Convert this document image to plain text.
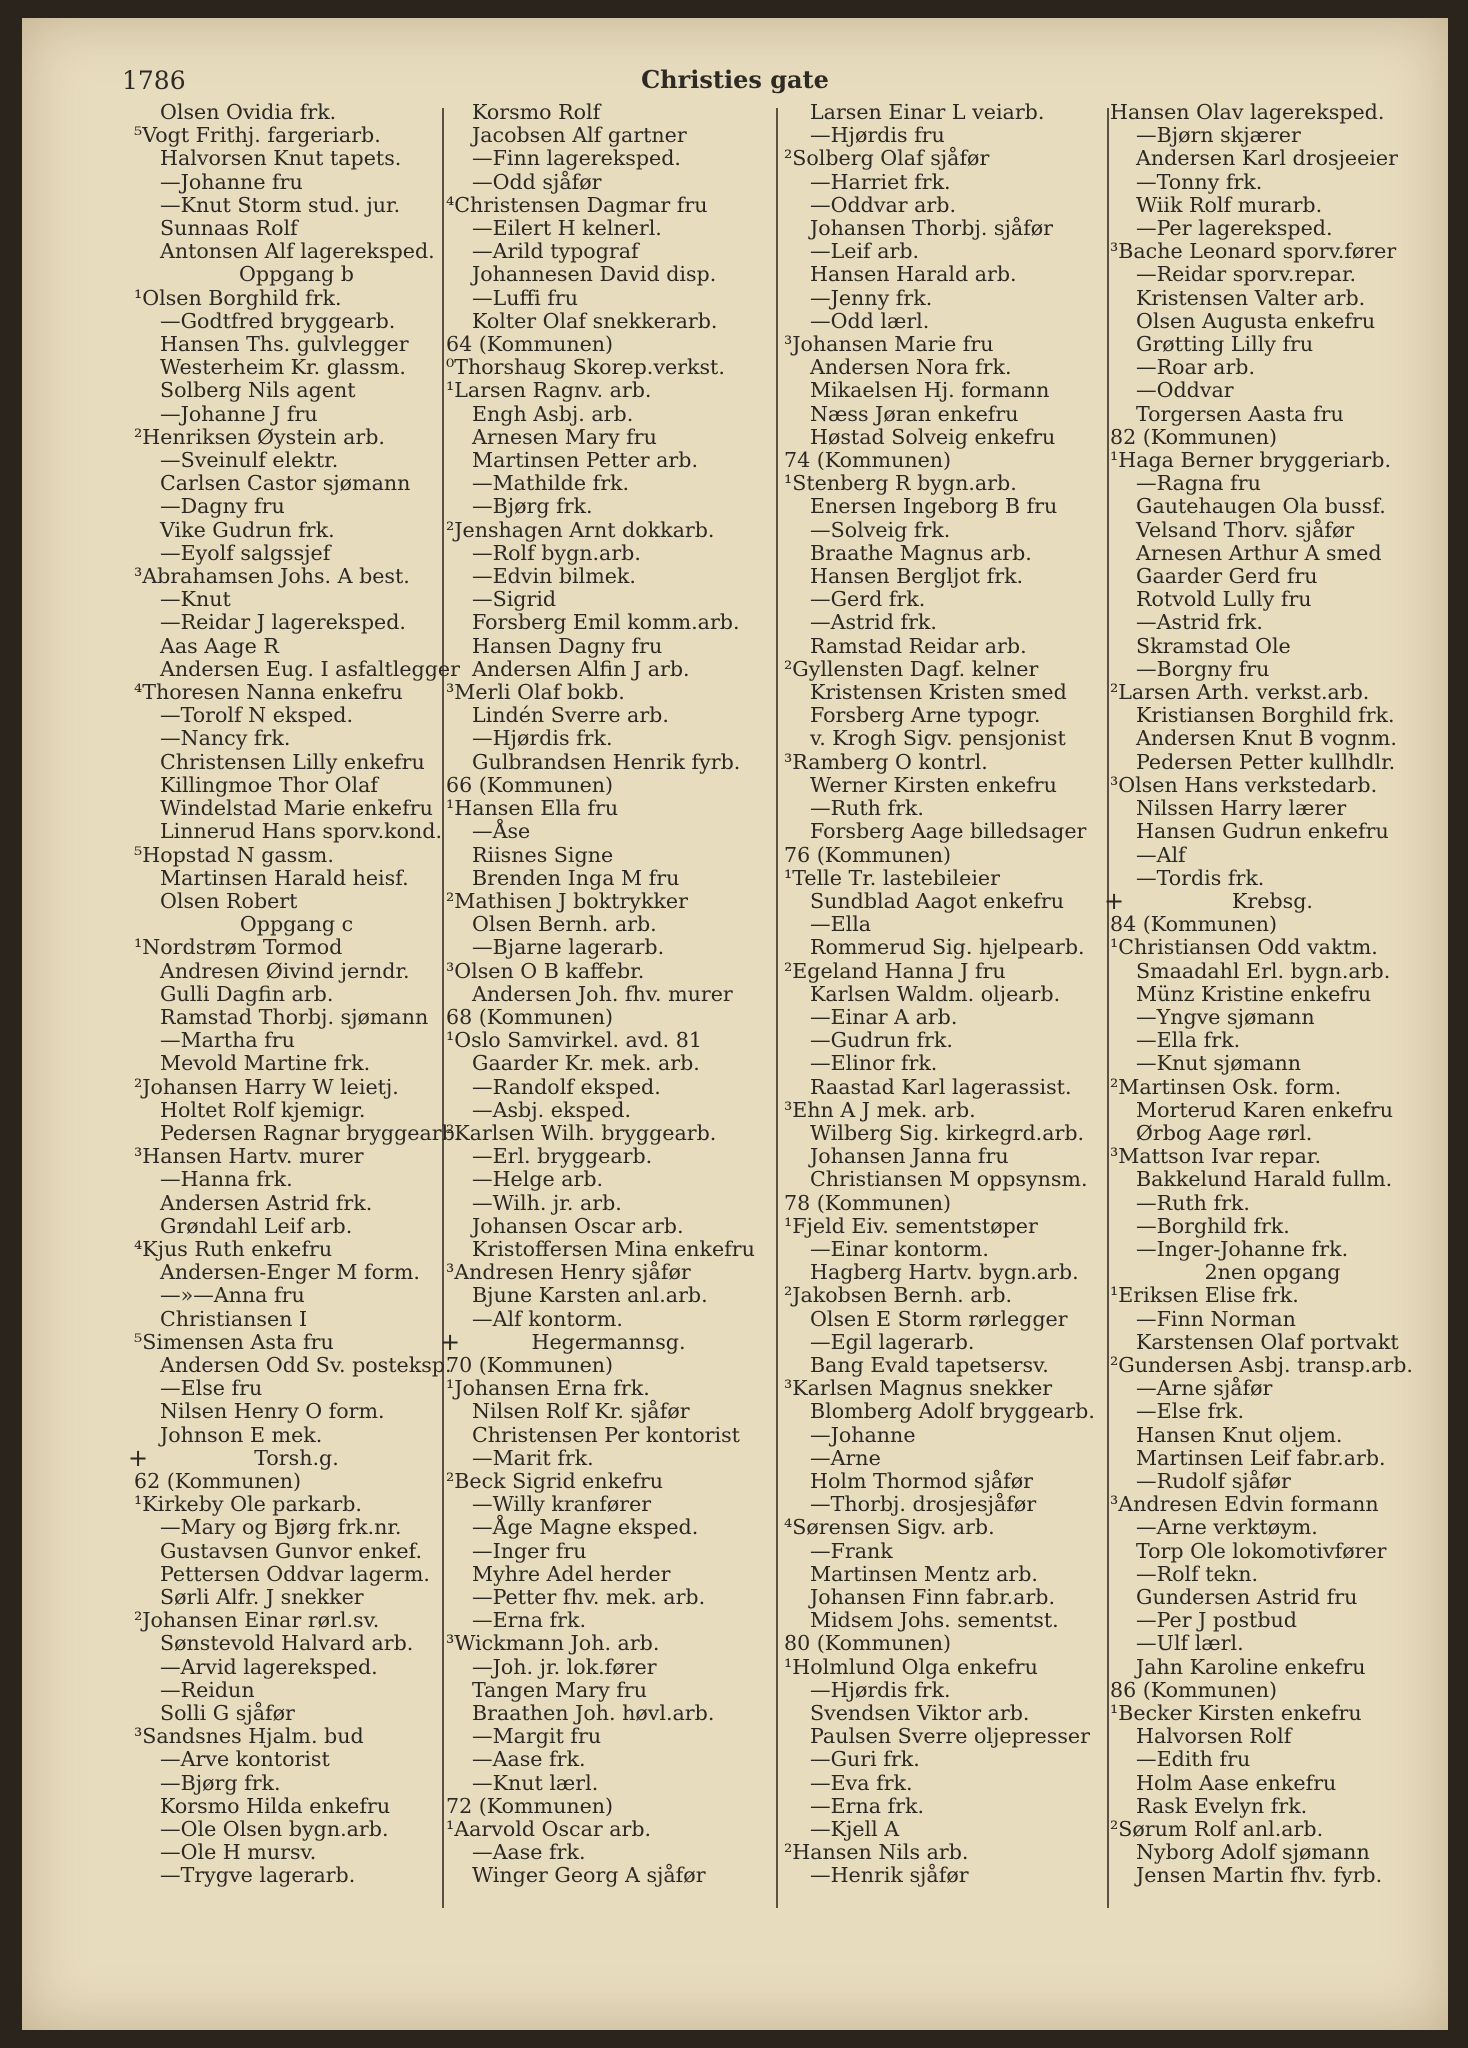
1786	Christies gate
Olsen Ovidia frk.
⁵Vogt Frithj. fargeriarb.
Halvorsen Knut tapets.
—Johanne fru
—Knut Storm stud. jur.
Sunnaas Rolf
Antonsen Alf lagereksped.
Oppgang b
¹Olsen Borghild frk.
—Godtfred bryggearb.
Hansen Ths. gulvlegger
Westerheim Kr. glassm.
Solberg Nils agent
—Johanne J fru
²Henriksen Øystein arb.
—Sveinulf elektr.
Carlsen Castor sjømann
—Dagny fru
Vike Gudrun frk.
—Eyolf salgssjef
³Abrahamsen Johs. A best.
—Knut
—Reidar J lagereksped.
Aas Aage R
Andersen Eug. I asfaltlegger
⁴Thoresen Nanna enkefru
—Torolf N eksped.
—Nancy frk.
Christensen Lilly enkefru
Killingmoe Thor Olaf
Windelstad Marie enkefru
Linnerud Hans sporv.kond.
⁵Hopstad N gassm.
Martinsen Harald heisf.
Olsen Robert
Oppgang c
¹Nordstrøm Tormod
Andresen Øivind jerndr.
Gulli Dagfin arb.
Ramstad Thorbj. sjømann
—Martha fru
Mevold Martine frk.
²Johansen Harry W leietj.
Holtet Rolf kjemigr.
Pedersen Ragnar bryggearb.
³Hansen Hartv. murer
—Hanna frk.
Andersen Astrid frk.
Grøndahl Leif arb.
⁴Kjus Ruth enkefru
Andersen-Enger M form.
—»—Anna fru
Christiansen I
⁵Simensen Asta fru
Andersen Odd Sv. posteksp.
—Else fru
Nilsen Henry O form.
Johnson E mek.
+	Torsh.g.
62 (Kommunen)
¹Kirkeby Ole parkarb.
—Mary og Bjørg frk.nr.
Gustavsen Gunvor enkef.
Pettersen Oddvar lagerm.
Sørli Alfr. J snekker
²Johansen Einar rørl.sv.
Sønstevold Halvard arb.
—Arvid lagereksped.
—Reidun
Solli G sjåfør
³Sandsnes Hjalm. bud
—Arve kontorist
—Bjørg frk.
Korsmo Hilda enkefru
—Ole Olsen bygn.arb.
—Ole H mursv.
—Trygve lagerarb.
Korsmo Rolf
Jacobsen Alf gartner
—Finn lagereksped.
—Odd sjåfør
⁴Christensen Dagmar fru
—Eilert H kelnerl.
—Arild typograf
Johannesen David disp.
—Luffi fru
Kolter Olaf snekkerarb.
64 (Kommunen)
⁰Thorshaug Skorep.verkst.
¹Larsen Ragnv. arb.
Engh Asbj. arb.
Arnesen Mary fru
Martinsen Petter arb.
—Mathilde frk.
—Bjørg frk.
²Jenshagen Arnt dokkarb.
—Rolf bygn.arb.
—Edvin bilmek.
—Sigrid
Forsberg Emil komm.arb.
Hansen Dagny fru
Andersen Alfin J arb.
³Merli Olaf bokb.
Lindén Sverre arb.
—Hjørdis frk.
Gulbrandsen Henrik fyrb.
66 (Kommunen)
¹Hansen Ella fru
—Åse
Riisnes Signe
Brenden Inga M fru
²Mathisen J boktrykker
Olsen Bernh. arb.
—Bjarne lagerarb.
³Olsen O B kaffebr.
Andersen Joh. fhv. murer
68 (Kommunen)
¹Oslo Samvirkel. avd. 81
Gaarder Kr. mek. arb.
—Randolf eksped.
—Asbj. eksped.
²Karlsen Wilh. bryggearb.
—Erl. bryggearb.
—Helge arb.
—Wilh. jr. arb.
Johansen Oscar arb.
Kristoffersen Mina enkefru
³Andresen Henry sjåfør
Bjune Karsten anl.arb.
—Alf kontorm.
+	Hegermannsg.
70 (Kommunen)
¹Johansen Erna frk.
Nilsen Rolf Kr. sjåfør
Christensen Per kontorist
—Marit frk.
²Beck Sigrid enkefru
—Willy kranfører
—Åge Magne eksped.
—Inger fru
Myhre Adel herder
—Petter fhv. mek. arb.
—Erna frk.
³Wickmann Joh. arb.
—Joh. jr. lok.fører
Tangen Mary fru
Braathen Joh. høvl.arb.
—Margit fru
—Aase frk.
—Knut lærl.
72 (Kommunen)
¹Aarvold Oscar arb.
—Aase frk.
Winger Georg A sjåfør
Larsen Einar L veiarb.
—Hjørdis fru
²Solberg Olaf sjåfør
—Harriet frk.
—Oddvar arb.
Johansen Thorbj. sjåfør
—Leif arb.
Hansen Harald arb.
—Jenny frk.
—Odd lærl.
³Johansen Marie fru
Andersen Nora frk.
Mikaelsen Hj. formann
Næss Jøran enkefru
Høstad Solveig enkefru
74 (Kommunen)
¹Stenberg R bygn.arb.
Enersen Ingeborg B fru
—Solveig frk.
Braathe Magnus arb.
Hansen Bergljot frk.
—Gerd frk.
—Astrid frk.
Ramstad Reidar arb.
²Gyllensten Dagf. kelner
Kristensen Kristen smed
Forsberg Arne typogr.
v. Krogh Sigv. pensjonist
³Ramberg O kontrl.
Werner Kirsten enkefru
—Ruth frk.
Forsberg Aage billedsager
76 (Kommunen)
¹Telle Tr. lastebileier
Sundblad Aagot enkefru
—Ella
Rommerud Sig. hjelpearb.
²Egeland Hanna J fru
Karlsen Waldm. oljearb.
—Einar A arb.
—Gudrun frk.
—Elinor frk.
Raastad Karl lagerassist.
³Ehn A J mek. arb.
Wilberg Sig. kirkegrd.arb.
Johansen Janna fru
Christiansen M oppsynsm.
78 (Kommunen)
¹Fjeld Eiv. sementstøper
—Einar kontorm.
Hagberg Hartv. bygn.arb.
²Jakobsen Bernh. arb.
Olsen E Storm rørlegger
—Egil lagerarb.
Bang Evald tapetsersv.
³Karlsen Magnus snekker
Blomberg Adolf bryggearb.
—Johanne
—Arne
Holm Thormod sjåfør
—Thorbj. drosjesjåfør
⁴Sørensen Sigv. arb.
—Frank
Martinsen Mentz arb.
Johansen Finn fabr.arb.
Midsem Johs. sementst.
80 (Kommunen)
¹Holmlund Olga enkefru
—Hjørdis frk.
Svendsen Viktor arb.
Paulsen Sverre oljepresser
—Guri frk.
—Eva frk.
—Erna frk.
—Kjell A
²Hansen Nils arb.
—Henrik sjåfør
Hansen Olav lagereksped.
—Bjørn skjærer
Andersen Karl drosjeeier
—Tonny frk.
Wiik Rolf murarb.
—Per lagereksped.
³Bache Leonard sporv.fører
—Reidar sporv.repar.
Kristensen Valter arb.
Olsen Augusta enkefru
Grøtting Lilly fru
—Roar arb.
—Oddvar
Torgersen Aasta fru
82 (Kommunen)
¹Haga Berner bryggeriarb.
—Ragna fru
Gautehaugen Ola bussf.
Velsand Thorv. sjåfør
Arnesen Arthur A smed
Gaarder Gerd fru
Rotvold Lully fru
—Astrid frk.
Skramstad Ole
—Borgny fru
²Larsen Arth. verkst.arb.
Kristiansen Borghild frk.
Andersen Knut B vognm.
Pedersen Petter kullhdlr.
³Olsen Hans verkstedarb.
Nilssen Harry lærer
Hansen Gudrun enkefru
—Alf
—Tordis frk.
+	Krebsg.
84 (Kommunen)
¹Christiansen Odd vaktm.
Smaadahl Erl. bygn.arb.
Münz Kristine enkefru
—Yngve sjømann
—Ella frk.
—Knut sjømann
²Martinsen Osk. form.
Morterud Karen enkefru
Ørbog Aage rørl.
³Mattson Ivar repar.
Bakkelund Harald fullm.
—Ruth frk.
—Borghild frk.
—Inger-Johanne frk.
2nen opgang
¹Eriksen Elise frk.
—Finn Norman
Karstensen Olaf portvakt
²Gundersen Asbj. transp.arb.
—Arne sjåfør
—Else frk.
Hansen Knut oljem.
Martinsen Leif fabr.arb.
—Rudolf sjåfør
³Andresen Edvin formann
—Arne verktøym.
Torp Ole lokomotivfører
—Rolf tekn.
Gundersen Astrid fru
—Per J postbud
—Ulf lærl.
Jahn Karoline enkefru
86 (Kommunen)
¹Becker Kirsten enkefru
Halvorsen Rolf
—Edith fru
Holm Aase enkefru
Rask Evelyn frk.
²Sørum Rolf anl.arb.
Nyborg Adolf sjømann
Jensen Martin fhv. fyrb.
